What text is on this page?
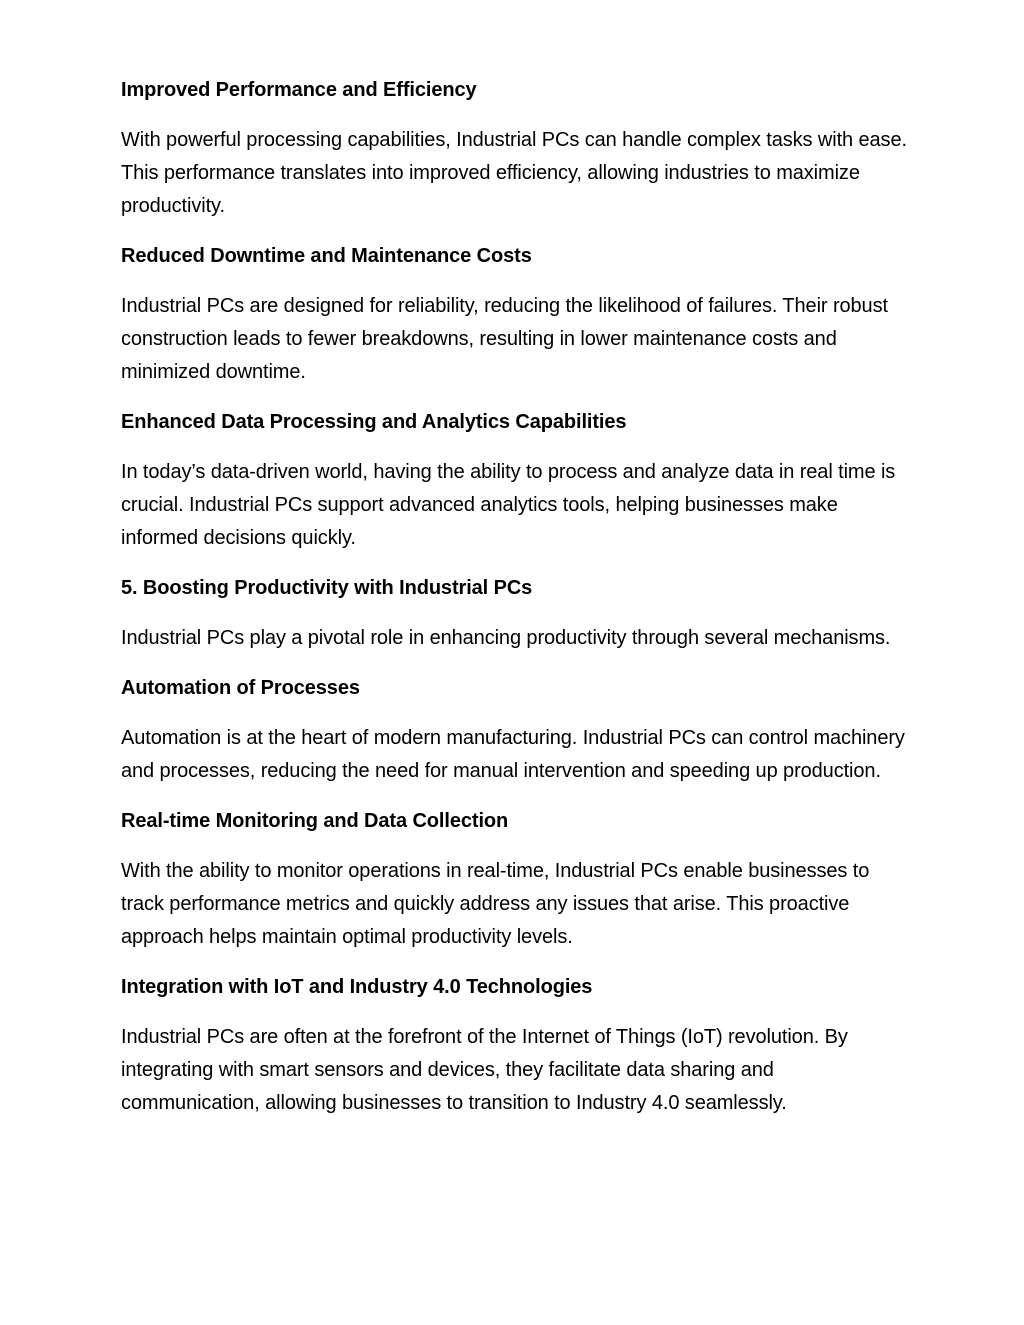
Improved Performance and Efficiency
With powerful processing capabilities, Industrial PCs can handle complex tasks with ease. This performance translates into improved efficiency, allowing industries to maximize productivity.
Reduced Downtime and Maintenance Costs
Industrial PCs are designed for reliability, reducing the likelihood of failures. Their robust construction leads to fewer breakdowns, resulting in lower maintenance costs and minimized downtime.
Enhanced Data Processing and Analytics Capabilities
In today’s data-driven world, having the ability to process and analyze data in real time is crucial. Industrial PCs support advanced analytics tools, helping businesses make informed decisions quickly.
5. Boosting Productivity with Industrial PCs
Industrial PCs play a pivotal role in enhancing productivity through several mechanisms.
Automation of Processes
Automation is at the heart of modern manufacturing. Industrial PCs can control machinery and processes, reducing the need for manual intervention and speeding up production.
Real-time Monitoring and Data Collection
With the ability to monitor operations in real-time, Industrial PCs enable businesses to track performance metrics and quickly address any issues that arise. This proactive approach helps maintain optimal productivity levels.
Integration with IoT and Industry 4.0 Technologies
Industrial PCs are often at the forefront of the Internet of Things (IoT) revolution. By integrating with smart sensors and devices, they facilitate data sharing and communication, allowing businesses to transition to Industry 4.0 seamlessly.
